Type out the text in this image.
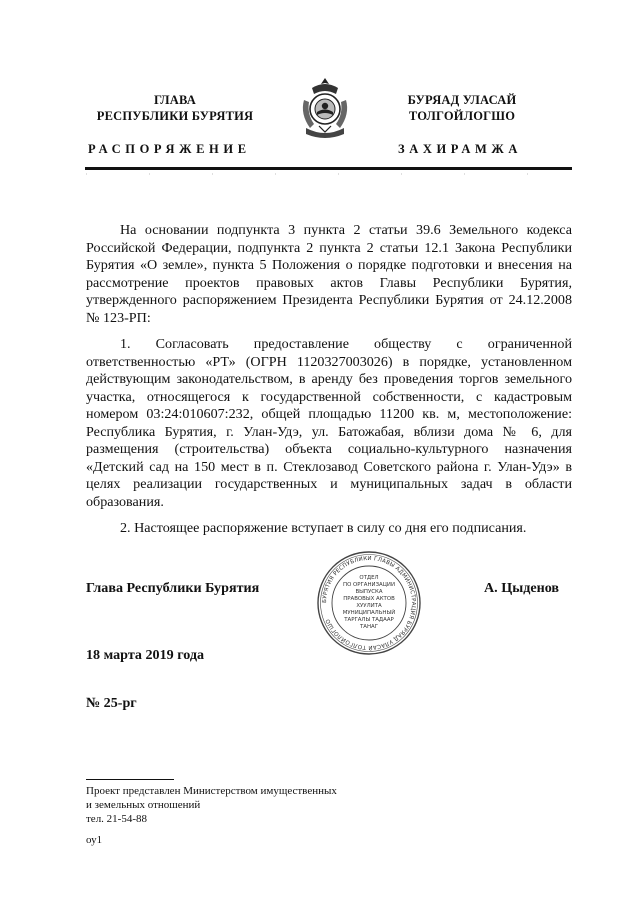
ГЛАВА
РЕСПУБЛИКИ БУРЯТИЯ
БУРЯАД УЛАСАЙ
ТОЛГОЙЛОГШО
РАСПОРЯЖЕНИЕ	ЗАХИРАМЖА

На основании подпункта 3 пункта 2 статьи 39.6 Земельного кодекса Российской Федерации, подпункта 2 пункта 2 статьи 12.1 Закона Республики Бурятия «О земле», пункта 5 Положения о порядке подготовки и внесения на рассмотрение проектов правовых актов Главы Республики Бурятия, утвержденного распоряжением Президента Республики Бурятия от 24.12.2008 № 123-РП:

1. Согласовать предоставление обществу с ограниченной ответственностью «РТ» (ОГРН 1120327003026) в порядке, установленном действующим законодательством, в аренду без проведения торгов земельного участка, относящегося к государственной собственности, с кадастровым номером 03:24:010607:232, общей площадью 11200 кв. м, местоположение: Республика Бурятия, г. Улан-Удэ, ул. Батожабая, вблизи дома № 6, для размещения (строительства) объекта социально-культурного назначения «Детский сад на 150 мест в п. Стеклозавод Советского района г. Улан-Удэ» в целях реализации государственных и муниципальных задач в области образования.

2. Настоящее распоряжение вступает в силу со дня его подписания.

Глава Республики Бурятия
БУРЯТИЯ РЕСПУБЛИКИ ГЛАВЫ АДМИНИСТРАЦИЯ БУРЯАД УЛАСАЙ ТОЛГОЙЛОГШО
ОТДЕЛ
ПО ОРГАНИЗАЦИИ
ВЫПУСКА
ПРАВОВЫХ АКТОВ
ХУУЛИТА
МУНИЦИПАЛЬНЫЙ
ТАРГАЛЫ ТАДААР
ТАНАГ
А. Цыденов
18 марта 2019 года
№ 25-рг
Проект представлен Министерством имущественных
и земельных отношений
тел. 21-54-88
оу1
